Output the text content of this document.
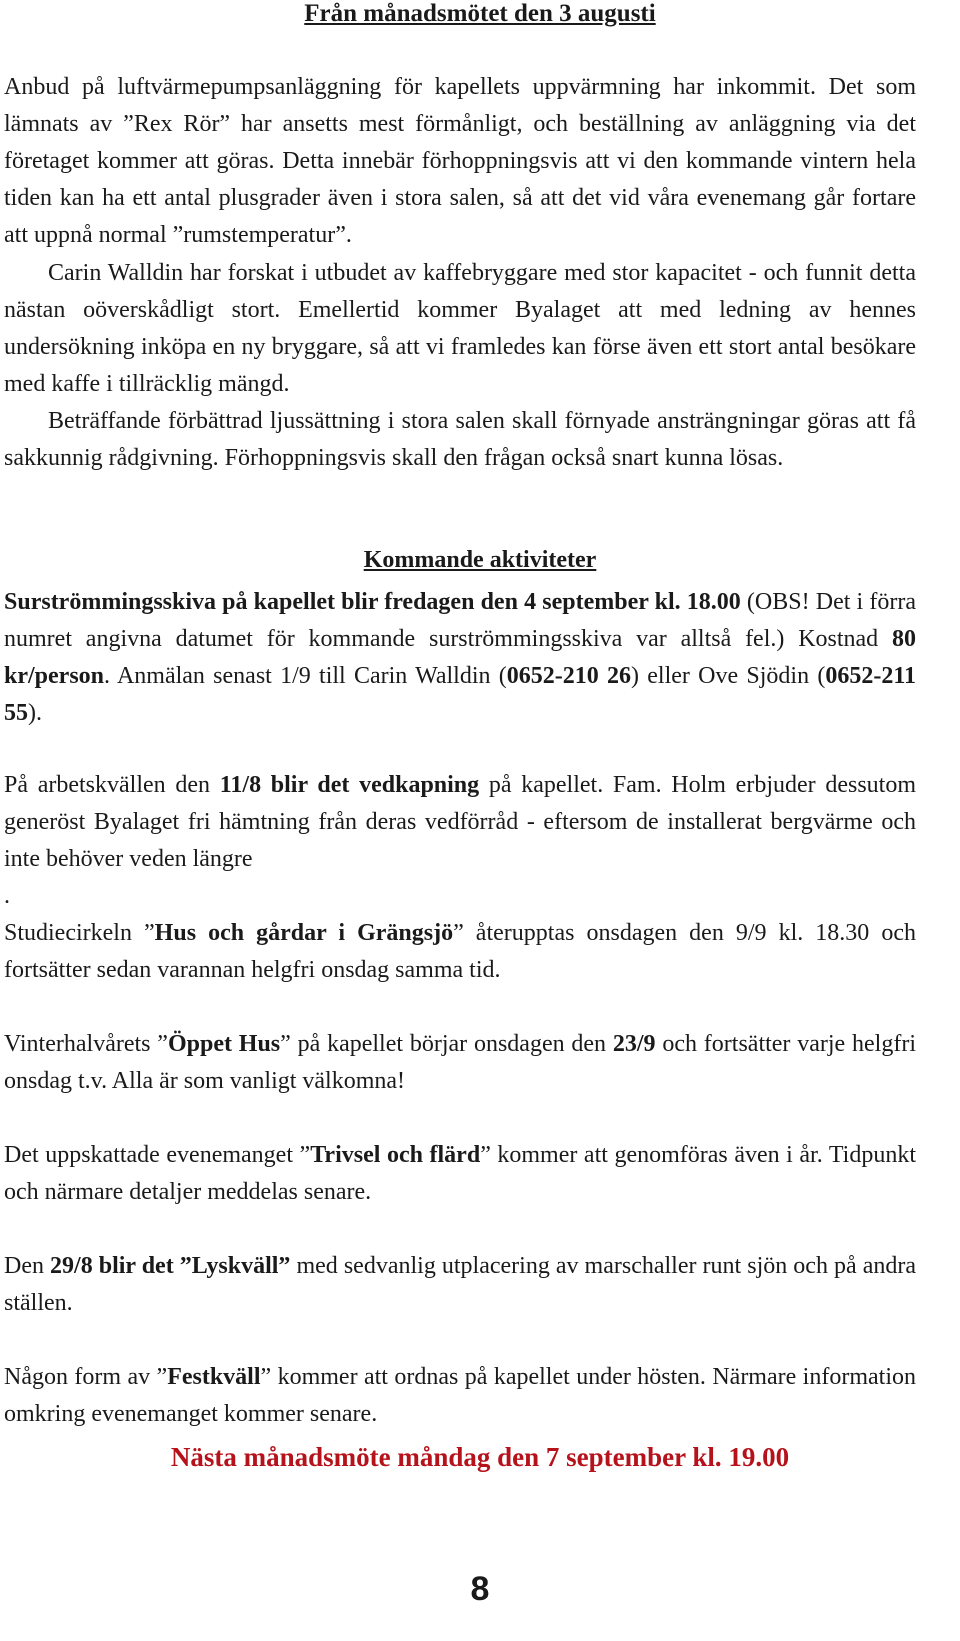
Från månadsmötet den 3 augusti

Anbud på luftvärmepumpsanläggning för kapellets uppvärmning har inkommit. Det som lämnats av ”Rex Rör” har ansetts mest förmånligt, och beställning av anläggning via det företaget kommer att göras. Detta innebär förhoppningsvis att vi den kommande vintern hela tiden kan ha ett antal plusgrader även i stora salen, så att det vid våra evenemang går fortare att uppnå normal ”rumstemperatur”.

Carin Walldin har forskat i utbudet av kaffebryggare med stor kapacitet - och funnit detta nästan oöverskådligt stort. Emellertid kommer Byalaget att med ledning av hennes undersökning inköpa en ny bryggare, så att vi framledes kan förse även ett stort antal besökare med kaffe i tillräcklig mängd.

Beträffande förbättrad ljussättning i stora salen skall förnyade ansträngningar göras att få sakkunnig rådgivning. Förhoppningsvis skall den frågan också snart kunna lösas.

Kommande aktiviteter

Surströmmingsskiva på kapellet blir fredagen den 4 september kl. 18.00 (OBS! Det i förra numret angivna datumet för kommande surströmmingsskiva var alltså fel.) Kostnad 80 kr/person. Anmälan senast 1/9 till Carin Walldin (0652-210 26) eller Ove Sjödin (0652-211 55).

På arbetskvällen den 11/8 blir det vedkapning på kapellet. Fam. Holm erbjuder dessutom generöst Byalaget fri hämtning från deras vedförråd - eftersom de installerat bergvärme och inte behöver veden längre

.

Studiecirkeln ”Hus och gårdar i Grängsjö” återupptas onsdagen den 9/9 kl. 18.30 och fortsätter sedan varannan helgfri onsdag samma tid.

Vinterhalvårets ”Öppet Hus” på kapellet börjar onsdagen den 23/9 och fortsätter varje helgfri onsdag t.v. Alla är som vanligt välkomna!

Det uppskattade evenemanget ”Trivsel och flärd” kommer att genomföras även i år. Tidpunkt och närmare detaljer meddelas senare.

Den 29/8 blir det ”Lyskväll” med sedvanlig utplacering av marschaller runt sjön och på andra ställen.

Någon form av ”Festkväll” kommer att ordnas på kapellet under hösten. Närmare information omkring evenemanget kommer senare.

Nästa månadsmöte måndag den 7 september kl. 19.00

8
